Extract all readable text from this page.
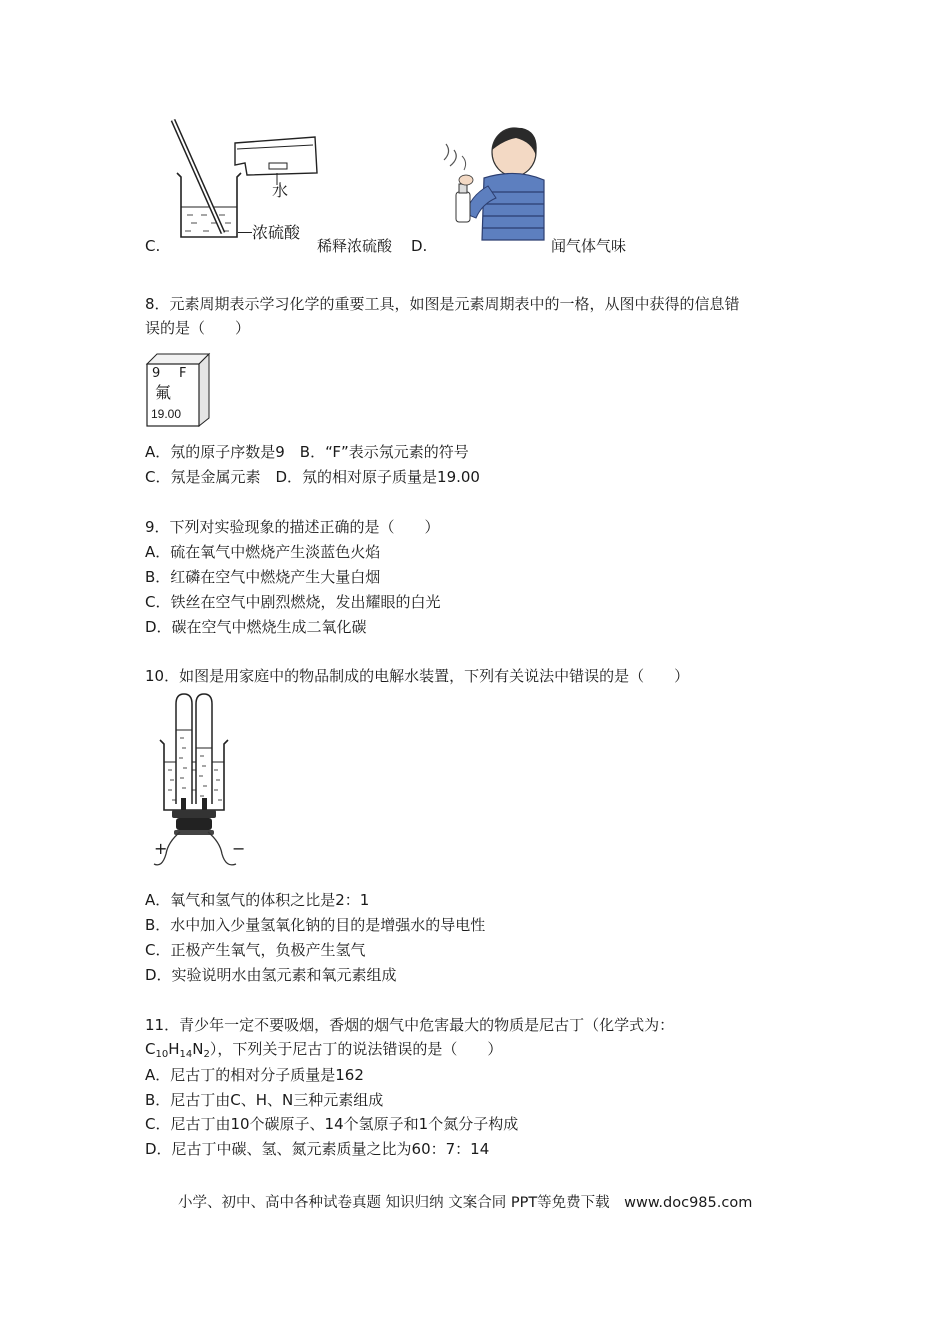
水
浓硫酸
C.	稀释浓硫酸 D.	闻气体气味
8．元素周期表示学习化学的重要工具，如图是元素周期表中的一格，从图中获得的信息错
误的是（　　）
9 F
氟
19.00
A．氖的原子序数是9　B．“F”表示氖元素的符号
C．氖是金属元素　D．氖的相对原子质量是19.00
9．下列对实验现象的描述正确的是（　　）
A．硫在氧气中燃烧产生淡蓝色火焰
B．红磷在空气中燃烧产生大量白烟
C．铁丝在空气中剧烈燃烧，发出耀眼的白光
D．碳在空气中燃烧生成二氧化碳
10．如图是用家庭中的物品制成的电解水装置，下列有关说法中错误的是（　　）
+	−
A．氧气和氢气的体积之比是2：1
B．水中加入少量氢氧化钠的目的是增强水的导电性
C．正极产生氧气，负极产生氢气
D．实验说明水由氢元素和氧元素组成
11．青少年一定不要吸烟，香烟的烟气中危害最大的物质是尼古丁（化学式为：
$C_{10}H_{14}N_2$），下列关于尼古丁的说法错误的是（　　）
A．尼古丁的相对分子质量是162
B．尼古丁由C、H、N三种元素组成
C．尼古丁由10个碳原子、14个氢原子和1个氮分子构成
D．尼古丁中碳、氢、氮元素质量之比为60：7：14
小学、初中、高中各种试卷真题 知识归纳 文案合同 PPT等免费下载　www.doc985.com
